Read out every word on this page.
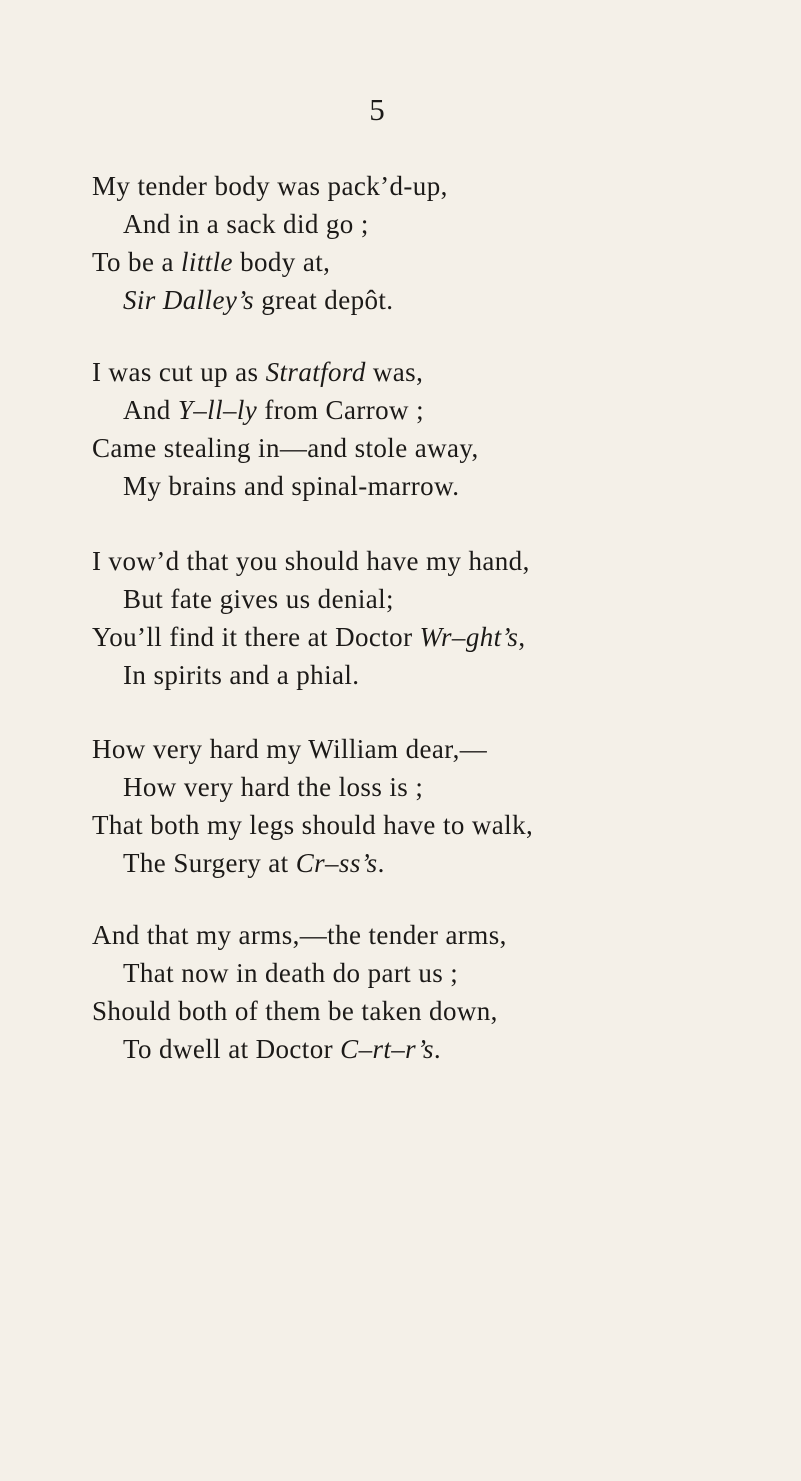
5
My tender body was pack’d-up,
And in a sack did go ;
To be a little body at,
Sir Dalley’s great depôt.
I was cut up as Stratford was,
And Y–ll–ly from Carrow ;
Came stealing in—and stole away,
My brains and spinal-marrow.
I vow’d that you should have my hand,
But fate gives us denial;
You’ll find it there at Doctor Wr–ght’s,
In spirits and a phial.
How very hard my William dear,—
How very hard the loss is ;
That both my legs should have to walk,
The Surgery at Cr–ss’s.
And that my arms,—the tender arms,
That now in death do part us ;
Should both of them be taken down,
To dwell at Doctor C–rt–r’s.
